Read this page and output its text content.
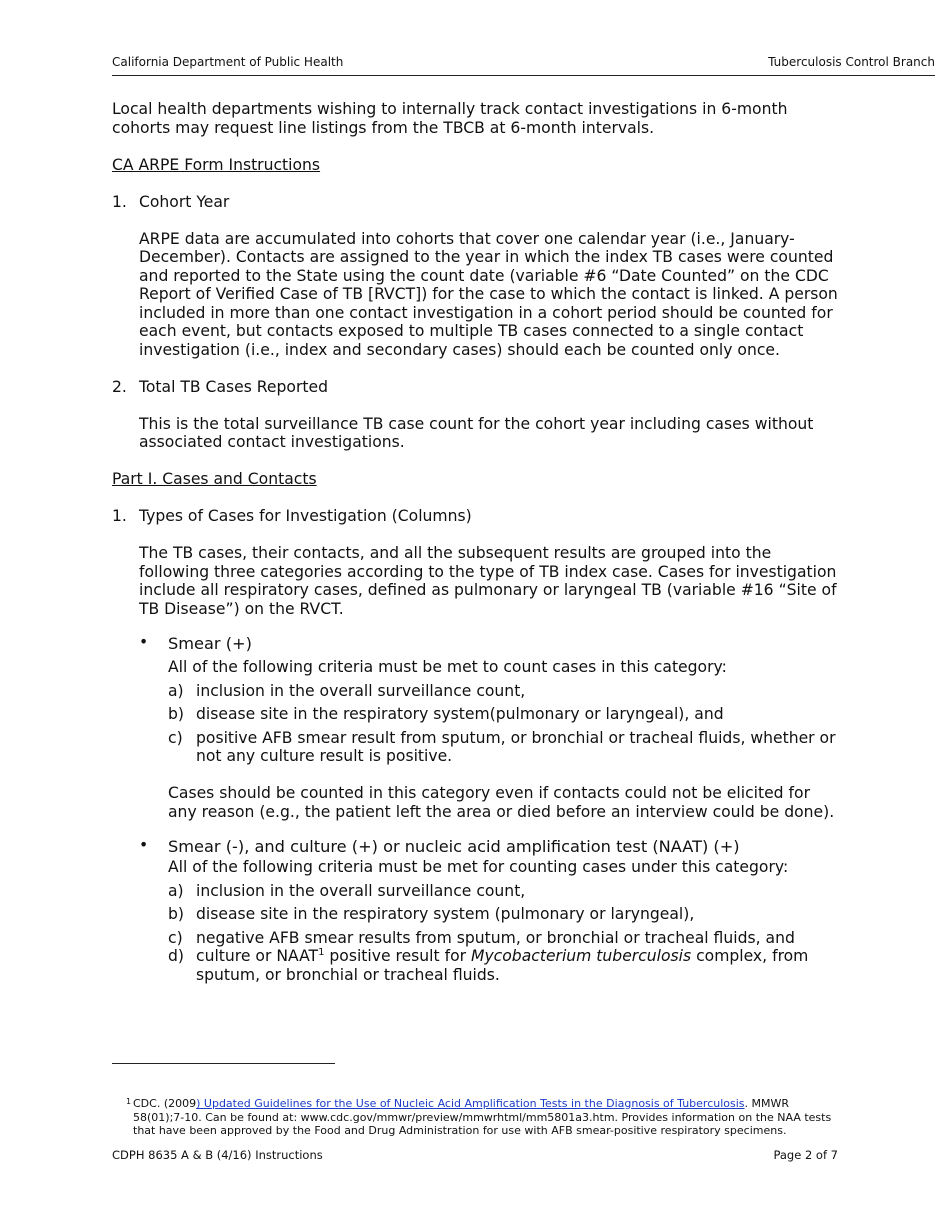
California Department of Public Health	Tuberculosis Control Branch

Local health departments wishing to internally track contact investigations in 6-month cohorts may request line listings from the TBCB at 6-month intervals.

CA ARPE Form Instructions

1. Cohort Year

ARPE data are accumulated into cohorts that cover one calendar year (i.e., January-December). Contacts are assigned to the year in which the index TB cases were counted and reported to the State using the count date (variable #6 “Date Counted” on the CDC Report of Verified Case of TB [RVCT]) for the case to which the contact is linked. A person included in more than one contact investigation in a cohort period should be counted for each event, but contacts exposed to multiple TB cases connected to a single contact investigation (i.e., index and secondary cases) should each be counted only once.

2. Total TB Cases Reported

This is the total surveillance TB case count for the cohort year including cases without associated contact investigations.

Part I. Cases and Contacts

1. Types of Cases for Investigation (Columns)

The TB cases, their contacts, and all the subsequent results are grouped into the following three categories according to the type of TB index case. Cases for investigation include all respiratory cases, defined as pulmonary or laryngeal TB (variable #16 “Site of TB Disease”) on the RVCT.

•	Smear (+)

All of the following criteria must be met to count cases in this category:

a) inclusion in the overall surveillance count,
b) disease site in the respiratory system(pulmonary or laryngeal), and
c) positive AFB smear result from sputum, or bronchial or tracheal fluids, whether or not any culture result is positive.

Cases should be counted in this category even if contacts could not be elicited for any reason (e.g., the patient left the area or died before an interview could be done).

•	Smear (-), and culture (+) or nucleic acid amplification test (NAAT) (+)

All of the following criteria must be met for counting cases under this category:

a) inclusion in the overall surveillance count,
b) disease site in the respiratory system (pulmonary or laryngeal),
c) negative AFB smear results from sputum, or bronchial or tracheal fluids, and
d) culture or NAAT$^1$ positive result for Mycobacterium tuberculosis complex, from sputum, or bronchial or tracheal fluids.
1 CDC. (2009) Updated Guidelines for the Use of Nucleic Acid Amplification Tests in the Diagnosis of Tuberculosis. MMWR 58(01);7-10. Can be found at: www.cdc.gov/mmwr/preview/mmwrhtml/mm5801a3.htm. Provides information on the NAA tests that have been approved by the Food and Drug Administration for use with AFB smear-positive respiratory specimens.
CDPH 8635 A & B (4/16) Instructions	Page 2 of 7
